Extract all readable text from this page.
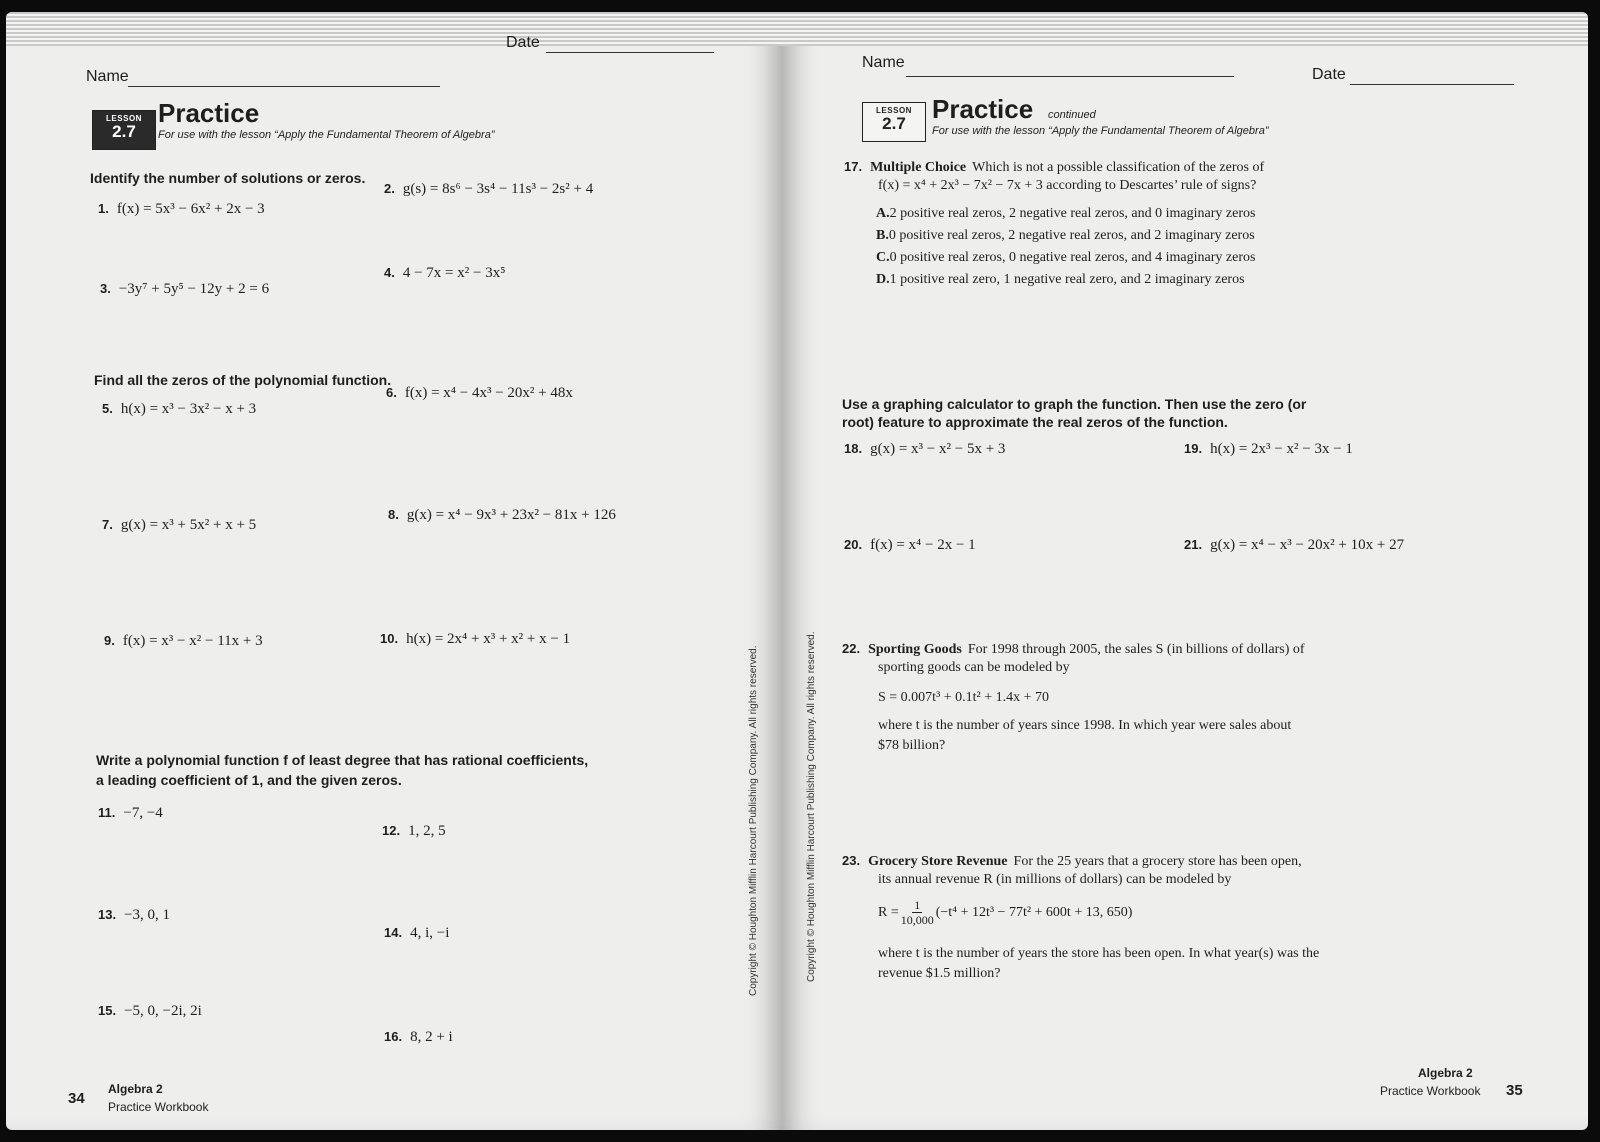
Name
Date
LESSON
2.7
Practice
For use with the lesson “Apply the Fundamental Theorem of Algebra”
Identify the number of solutions or zeros.
1. f(x) = 5x³ − 6x² + 2x − 3
2. g(s) = 8s⁶ − 3s⁴ − 11s³ − 2s² + 4
3. −3y⁷ + 5y⁵ − 12y + 2 = 6
4. 4 − 7x = x² − 3x⁵
Find all the zeros of the polynomial function.
5. h(x) = x³ − 3x² − x + 3
6. f(x) = x⁴ − 4x³ − 20x² + 48x
7. g(x) = x³ + 5x² + x + 5
8. g(x) = x⁴ − 9x³ + 23x² − 81x + 126
9. f(x) = x³ − x² − 11x + 3	10. h(x) = 2x⁴ + x³ + x² + x − 1
Write a polynomial function f of least degree that has rational coefficients,
a leading coefficient of 1, and the given zeros.
11. −7, −4
12. 1, 2, 5
13. −3, 0, 1
14. 4, i, −i
15. −5, 0, −2i, 2i
16. 8, 2 + i
Copyright © Houghton Mifflin Harcourt Publishing Company. All rights reserved.
34
Algebra 2
Practice Workbook
Name
Date
LESSON
2.7	Practice continued
For use with the lesson “Apply the Fundamental Theorem of Algebra”
17. Multiple Choice Which is not a possible classification of the zeros of
f(x) = x⁴ + 2x³ − 7x² − 7x + 3 according to Descartes’ rule of signs?
A.2 positive real zeros, 2 negative real zeros, and 0 imaginary zeros
B.0 positive real zeros, 2 negative real zeros, and 2 imaginary zeros
C.0 positive real zeros, 0 negative real zeros, and 4 imaginary zeros
D.1 positive real zero, 1 negative real zero, and 2 imaginary zeros
Use a graphing calculator to graph the function. Then use the zero (or
root) feature to approximate the real zeros of the function.
18. g(x) = x³ − x² − 5x + 3	19. h(x) = 2x³ − x² − 3x − 1
20. f(x) = x⁴ − 2x − 1	21. g(x) = x⁴ − x³ − 20x² + 10x + 27
22. Sporting Goods For 1998 through 2005, the sales S (in billions of dollars) of
sporting goods can be modeled by
S = 0.007t³ + 0.1t² + 1.4x + 70
where t is the number of years since 1998. In which year were sales about
$78 billion?
23. Grocery Store Revenue For the 25 years that a grocery store has been open,
its annual revenue R (in millions of dollars) can be modeled by
$R = \frac{1}{10,000} (-t^4 + 12t^3 - 77t^2 + 600t + 13$, 650)
where t is the number of years the store has been open. In what year(s) was the
revenue $1.5 million?
Copyright © Houghton Mifflin Harcourt Publishing Company. All rights reserved.
Algebra 2
Practice Workbook 35
